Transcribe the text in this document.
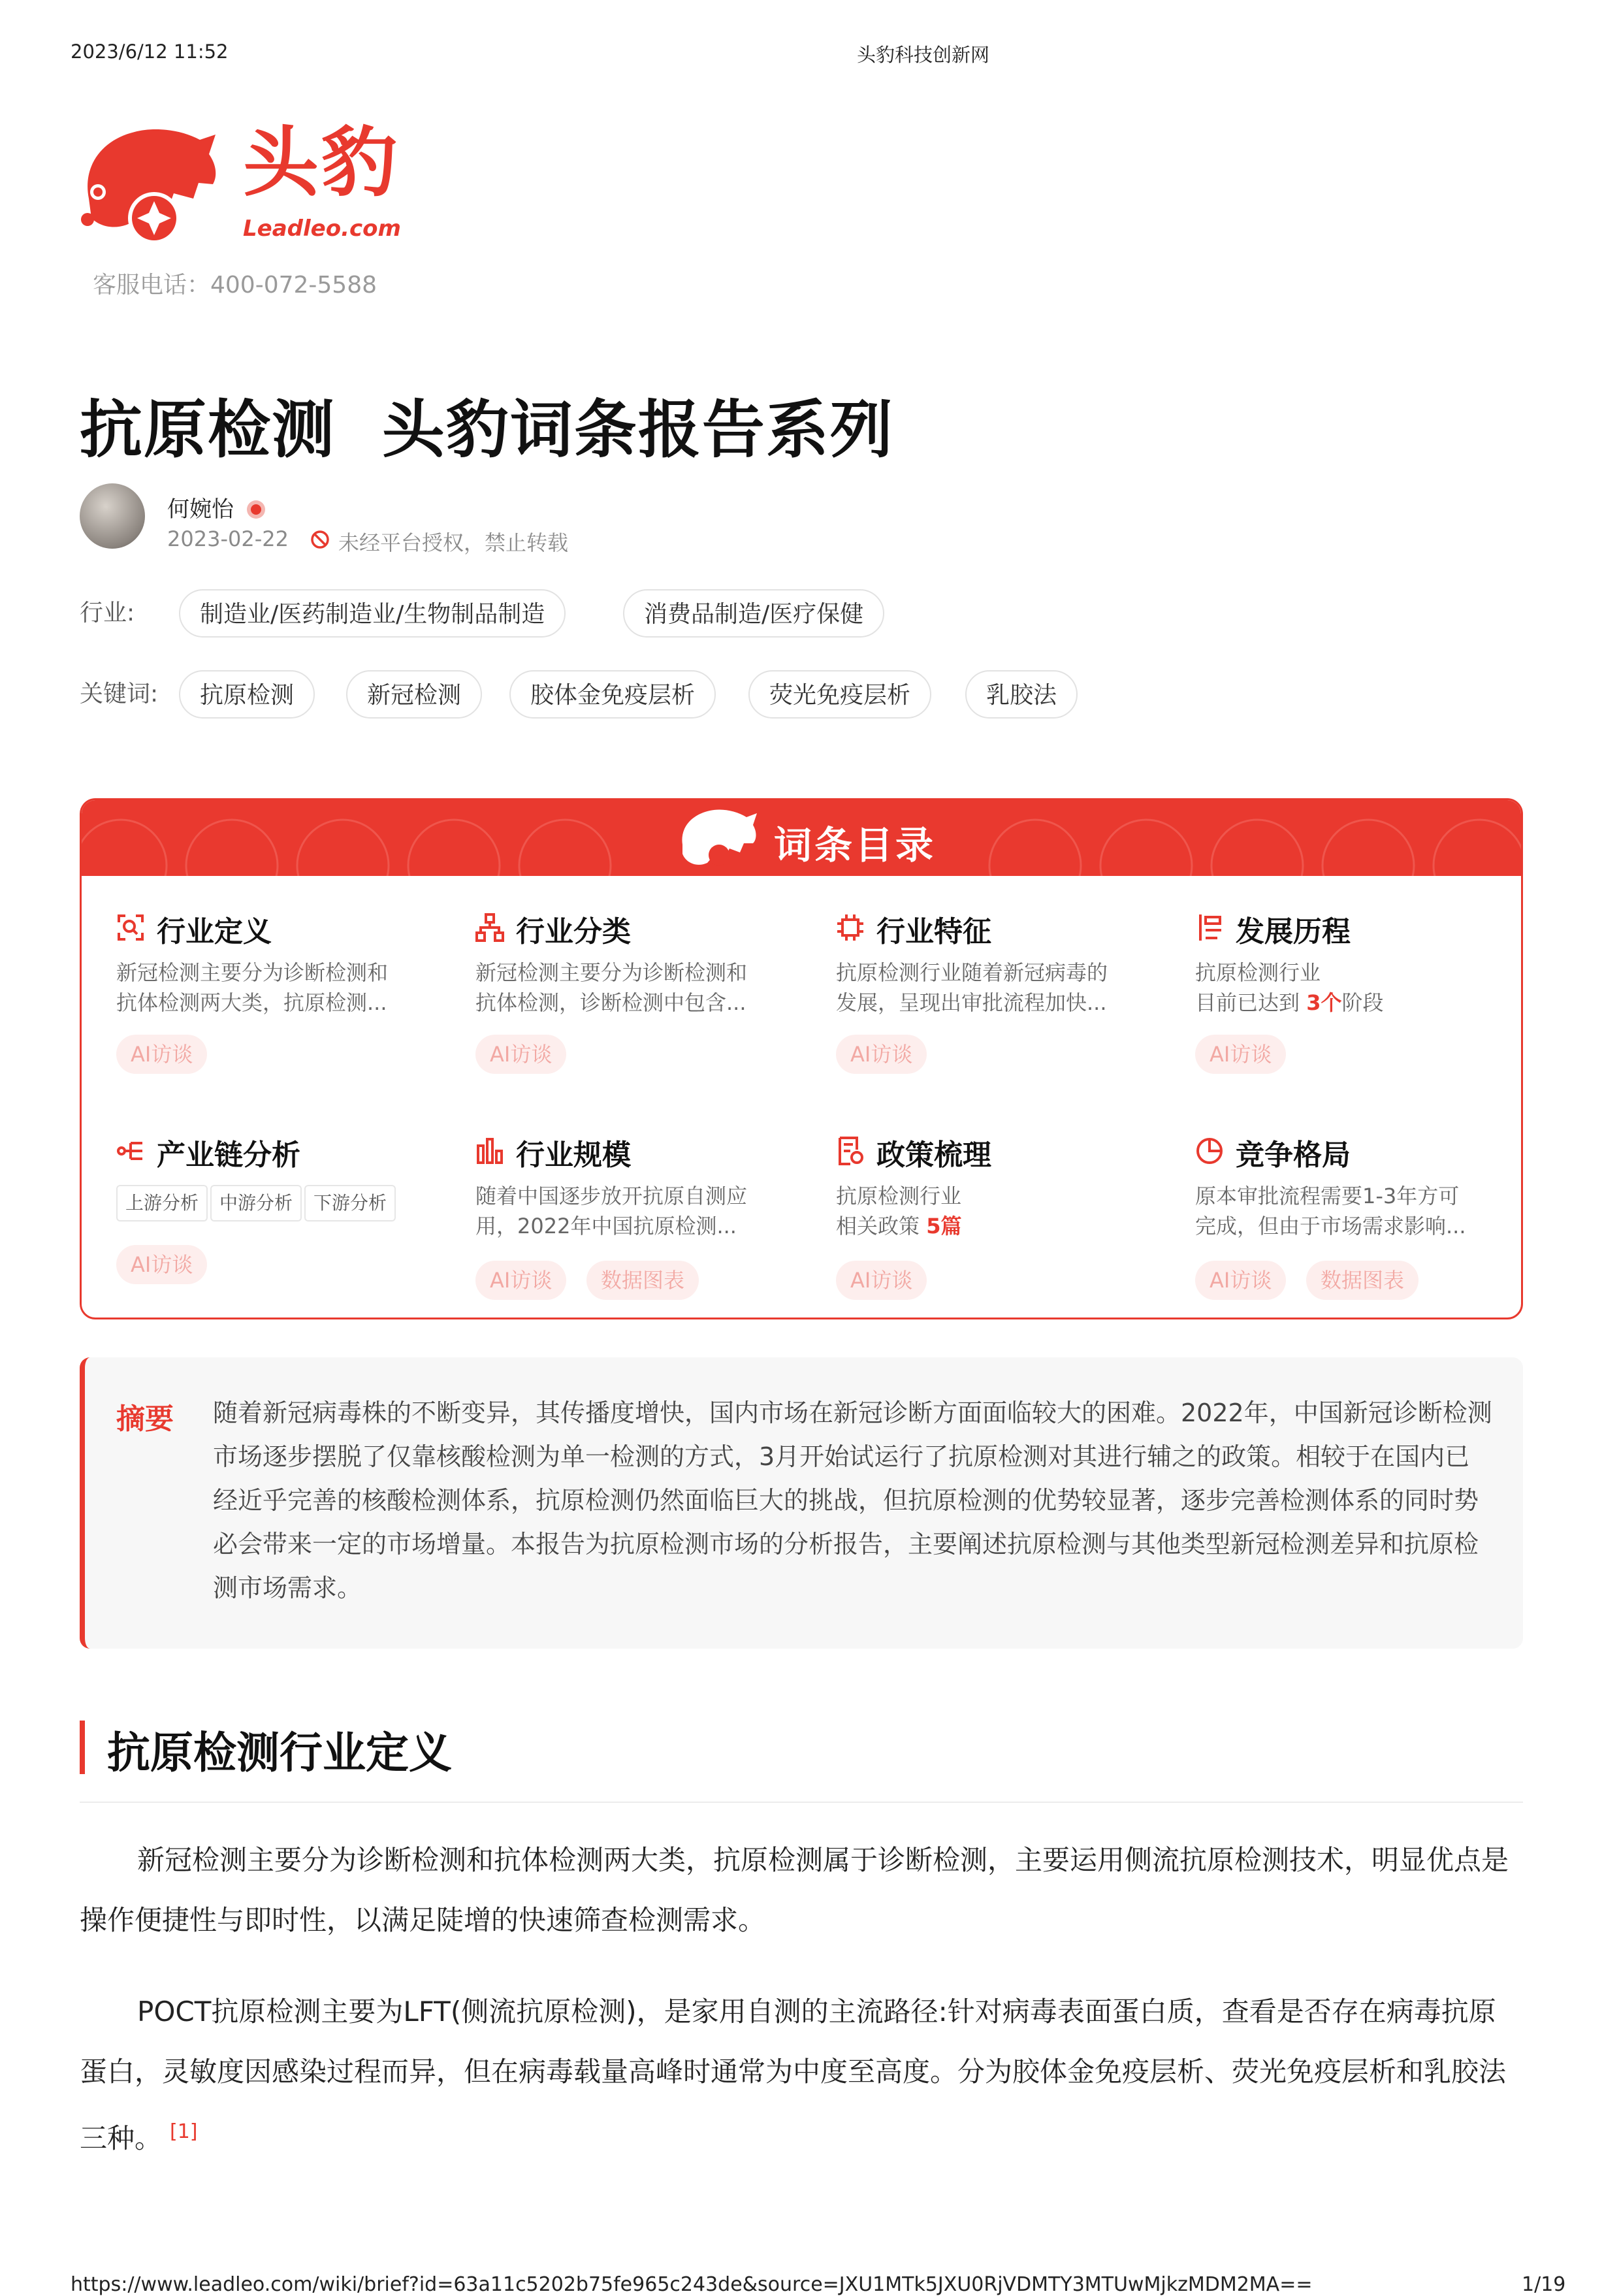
2023/6/12 11:52	头豹科技创新网
头豹
Leadleo.com
客服电话：400-072-5588
抗原检测  头豹词条报告系列
何婉怡
2023-02-22 未经平台授权，禁止转载
行业:	制造业/医药制造业/生物制品制造	消费品制造/医疗保健
关键词:	抗原检测	新冠检测	胶体金免疫层析	荧光免疫层析	乳胶法
词条目录
行业定义
新冠检测主要分为诊断检测和
抗体检测两大类，抗原检测...
AI访谈
行业分类
新冠检测主要分为诊断检测和
抗体检测，诊断检测中包含...
AI访谈
行业特征
抗原检测行业随着新冠病毒的
发展，呈现出审批流程加快...
AI访谈
发展历程
抗原检测行业
目前已达到 3个阶段
AI访谈
产业链分析
上游分析	中游分析	下游分析
AI访谈
行业规模
随着中国逐步放开抗原自测应
用，2022年中国抗原检测...
AI访谈	数据图表
政策梳理
抗原检测行业
相关政策 5篇
AI访谈
竞争格局
原本审批流程需要1-3年方可
完成，但由于市场需求影响...
AI访谈	数据图表
摘要 随着新冠病毒株的不断变异，其传播度增快，国内市场在新冠诊断方面面临较大的困难。2022年，中国新冠诊断检测市场逐步摆脱了仅靠核酸检测为单一检测的方式，3月开始试运行了抗原检测对其进行辅之的政策。相较于在国内已经近乎完善的核酸检测体系，抗原检测仍然面临巨大的挑战，但抗原检测的优势较显著，逐步完善检测体系的同时势必会带来一定的市场增量。本报告为抗原检测市场的分析报告，主要阐述抗原检测与其他类型新冠检测差异和抗原检测市场需求。
抗原检测行业定义
新冠检测主要分为诊断检测和抗体检测两大类，抗原检测属于诊断检测，主要运用侧流抗原检测技术，明显优点是操作便捷性与即时性，以满足陡增的快速筛查检测需求。
POCT抗原检测主要为LFT(侧流抗原检测)，是家用自测的主流路径:针对病毒表面蛋白质，查看是否存在病毒抗原蛋白，灵敏度因感染过程而异，但在病毒载量高峰时通常为中度至高度。分为胶体金免疫层析、荧光免疫层析和乳胶法三种。 [1]
https://www.leadleo.com/wiki/brief?id=63a11c5202b75fe965c243de&source=JXU1MTk5JXU0RjVDMTY3MTUwMjkzMDM2MA==	1/19
